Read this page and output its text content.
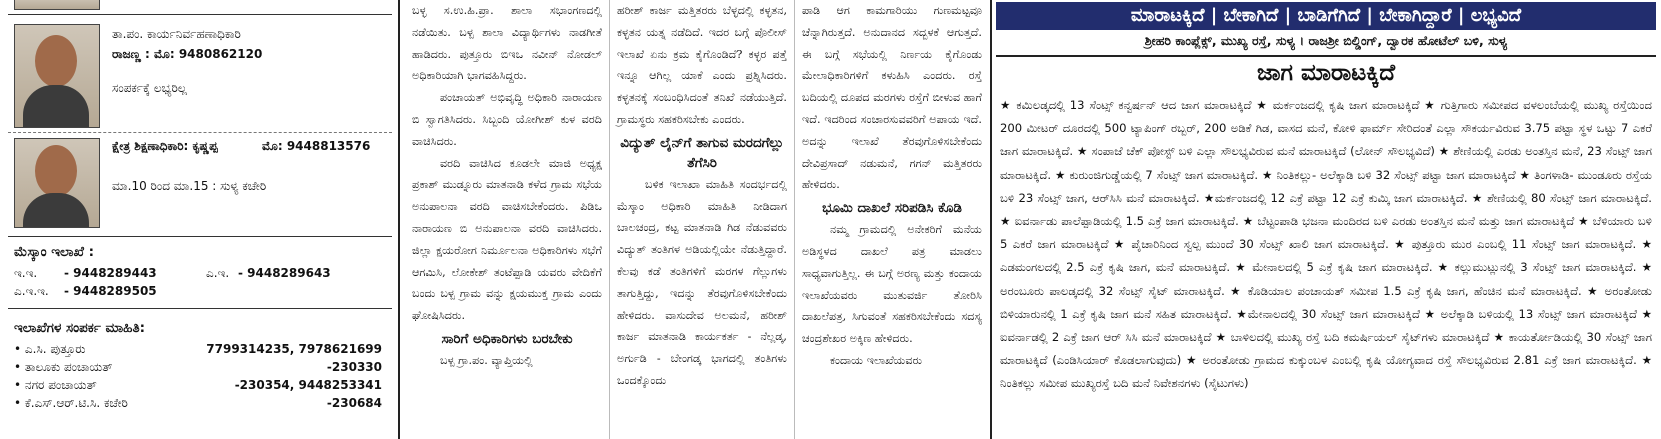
ತಾ.ಪಂ. ಕಾರ್ಯನಿರ್ವಹಣಾಧಿಕಾರಿ
ರಾಜಣ್ಣ : ಮೊ: 9480862120
ಸಂಪರ್ಕಕ್ಕೆ ಲಭ್ಯರಿಲ್ಲ
ಕ್ಷೇತ್ರ ಶಿಕ್ಷಣಾಧಿಕಾರಿ: ಕೃಷ್ಣಪ್ಪ	ಮೊ: 9448813576
ಮಾ.10 ರಿಂದ ಮಾ.15 : ಸುಳ್ಯ ಕಚೇರಿ
ಮೆಸ್ಕಾಂ ಇಲಾಖೆ :
ಇ.ಇ. - 9448289443	ಎ.ಇ. - 9448289643
ಎ.ಇ.ಇ. - 9448289505
ಇಲಾಖೆಗಳ ಸಂಪರ್ಕ ಮಾಹಿತಿ:
• ಎ.ಸಿ. ಪುತ್ತೂರು	7799314235, 7978621699
• ತಾಲೂಕು ಪಂಚಾಯತ್	-230330
• ನಗರ ಪಂಚಾಯತ್	-230354, 9448253341
• ಕೆ.ಎಸ್.ಆರ್.ಟಿ.ಸಿ. ಕಚೇರಿ	-230684

ಬಳ್ಳ ಸ.ಉ.ಹಿ.ಪ್ರಾ. ಶಾಲಾ ಸಭಾಂಗಣದಲ್ಲಿ ನಡೆಯಿತು. ಬಳ್ಪ ಶಾಲಾ ವಿದ್ಯಾರ್ಥಿಗಳು ನಾಡಗೀತೆ ಹಾಡಿದರು. ಪುತ್ತೂರು ಬಿಇಒ ನವೀನ್ ನೋಡಲ್ ಅಧಿಕಾರಿಯಾಗಿ ಭಾಗವಹಿಸಿದ್ದರು.

ಪಂಚಾಯತ್ ಅಭಿವೃದ್ಧಿ ಅಧಿಕಾರಿ ನಾರಾಯಣ ಬಿ ಸ್ವಾಗತಿಸಿದರು. ಸಿಬ್ಬಂದಿ ಯೋಗೀಶ್ ಕುಳ ವರದಿ ವಾಚಿಸಿದರು.

ವರದಿ ವಾಚಿಸಿದ ಕೂಡಲೇ ಮಾಜಿ ಅಧ್ಯಕ್ಷ ಪ್ರಕಾಶ್ ಮುಡ್ನೂರು ಮಾತನಾಡಿ ಕಳೆದ ಗ್ರಾಮ ಸಭೆಯ ಅನುಪಾಲನಾ ವರದಿ ವಾಚಿಸಬೇಕೆಂದರು. ಪಿಡಿಒ ನಾರಾಯಣ ಬಿ ಅನುಪಾಲನಾ ವರದಿ ವಾಚಿಸಿದರು. ಜಿಲ್ಲಾ ಕ್ಷಯರೋಗ ನಿರ್ಮೂಲನಾ ಅಧಿಕಾರಿಗಳು ಸಭೆಗೆ ಆಗಮಿಸಿ, ಲೋಕೇಶ್ ತಂಟೆಪ್ಪಾಡಿ ಯವರು ವೇದಿಕೆಗೆ ಬಂದು ಬಳ್ಪ ಗ್ರಾಮ ವನ್ನು ಕ್ಷಯಮುಕ್ತ ಗ್ರಾಮ ಎಂದು ಘೋಷಿಸಿದರು.

ಸಾರಿಗೆ ಅಧಿಕಾರಿಗಳು ಬರಬೇಕು

ಬಳ್ಪ ಗ್ರಾ.ಪಂ. ವ್ಯಾಪ್ತಿಯಲ್ಲಿ

ಹರೀಶ್ ಕಾರ್ಜ ಮತ್ತಿತರರು ಬೆಳ್ಳದಲ್ಲಿ ಕಳ್ಳತನ, ಕಳ್ಳತನ ಯತ್ನ ನಡೆದಿದೆ. ಇದರ ಬಗ್ಗೆ ಪೊಲೀಸ್ ಇಲಾಖೆ ಏನು ಕ್ರಮ ಕೈಗೊಂಡಿದೆ? ಕಳ್ಳರ ಪತ್ತೆ ಇನ್ನೂ ಆಗಿಲ್ಲ ಯಾಕೆ ಎಂದು ಪ್ರಶ್ನಿಸಿದರು. ಕಳ್ಳತನಕ್ಕೆ ಸಂಬಂಧಿಸಿದಂತೆ ತನಿಖೆ ನಡೆಯುತ್ತಿದೆ. ಗ್ರಾಮಸ್ಥರು ಸಹಕರಿಸಬೇಕು ಎಂದರು.

ವಿದ್ಯುತ್ ಲೈನ್‌ಗೆ ತಾಗುವ ಮರದಗೆಲ್ಲು ತೆಗೆಸಿರಿ

ಬಳಿಕ ಇಲಾಖಾ ಮಾಹಿತಿ ಸಂದರ್ಭದಲ್ಲಿ ಮೆಸ್ಕಾಂ ಅಧಿಕಾರಿ ಮಾಹಿತಿ ನೀಡಿದಾಗ ಬಾಲಚಂದ್ರ, ಕಟ್ಟ ಮಾತನಾಡಿ ಗಿಡ ನೆಡುವವರು ವಿದ್ಯುತ್ ತಂತಿಗಳ ಅಡಿಯಲ್ಲಿಯೇ ನೆಡುತ್ತಿದ್ದಾರೆ. ಕೆಲವು ಕಡೆ ತಂತಿಗಳಿಗೆ ಮರಗಳ ಗೆಲ್ಲುಗಳು ತಾಗುತ್ತಿದ್ದು, ಇದನ್ನು ತೆರವುಗೊಳಿಸಬೇಕೆಂದು ಹೇಳಿದರು. ವಾಸುದೇವ ಅಲಮನೆ, ಹರೀಶ್ ಕಾರ್ಜ ಮಾತನಾಡಿ ಕಾರ್ಯಕರ್ತ - ನೆಲ್ಲಡ್ಕ, ಅರ್ಗುಡಿ - ಬೇಂಗಡ್ಕ ಭಾಗದಲ್ಲಿ ತಂತಿಗಳು ಒಂದಕ್ಕೊಂದು

ಪಾಡಿ ಆಗ ಕಾಮಗಾರಿಯು ಗುಣಮಟ್ಟವೂ ಚೆನ್ನಾಗಿರುತ್ತದೆ. ಅನುದಾನದ ಸದ್ಬಳಕೆ ಆಗುತ್ತದೆ. ಈ ಬಗ್ಗೆ ಸಭೆಯಲ್ಲಿ ನಿರ್ಣಯ ಕೈಗೊಂಡು ಮೇಲಾಧಿಕಾರಿಗಳಿಗೆ ಕಳುಹಿಸಿ ಎಂದರು. ರಸ್ತೆ ಬದಿಯಲ್ಲಿ ದೂಪದ ಮರಗಳು ರಸ್ತೆಗೆ ಬೀಳುವ ಹಾಗೆ ಇದೆ. ಇದರಿಂದ ಸಂಚಾರಸುವವರಿಗೆ ಅಪಾಯ ಇದೆ. ಅದನ್ನು ಇಲಾಖೆ ತೆರವುಗೊಳಿಸಬೇಕೆಂದು ದೇವಿಪ್ರಸಾದ್ ನಡುಮನೆ, ಗಗನ್ ಮತ್ತಿತರರು ಹೇಳಿದರು.

ಭೂಮಿ ದಾಖಲೆ ಸರಿಪಡಿಸಿ ಕೊಡಿ

ನಮ್ಮ ಗ್ರಾಮದಲ್ಲಿ ಅನೇಕರಿಗೆ ಮನೆಯ ಅಡಿಸ್ಥಳದ ದಾಖಲೆ ಪತ್ರ ಮಾಡಲು ಸಾಧ್ಯವಾಗುತ್ತಿಲ್ಲ. ಈ ಬಗ್ಗೆ ಅರಣ್ಯ ಮತ್ತು ಕಂದಾಯ ಇಲಾಖೆಯವರು ಮುತುವರ್ಜಿ ತೋರಿಸಿ ದಾಖಲೆಪತ್ರ, ಸಿಗುವಂತೆ ಸಹಕರಿಸಬೇಕೆಂದು ಸದಸ್ಯ ಚಂದ್ರಶೇಖರ ಅಕ್ಕಿಣ ಹೇಳಿದರು.

ಕಂದಾಯ ಇಲಾಖೆಯವರು

ಮಾರಾಟಕ್ಕಿದೆ | ಬೇಕಾಗಿದೆ | ಬಾಡಿಗೆಗಿದೆ | ಬೇಕಾಗಿದ್ದಾರೆ | ಲಭ್ಯವಿದೆ
ಶ್ರೀಹರಿ ಕಾಂಪ್ಲೆಕ್ಸ್, ಮುಖ್ಯ ರಸ್ತೆ, ಸುಳ್ಯ । ರಾಜಶ್ರೀ ಬಿಲ್ಡಿಂಗ್, ದ್ವಾರಕ ಹೋಟೆಲ್ ಬಳಿ, ಸುಳ್ಯ
ಜಾಗ ಮಾರಾಟಕ್ಕಿದೆ
★ ಕಮಿಲಡ್ಕದಲ್ಲಿ 13 ಸೆಂಟ್ಸ್ ಕನ್ವರ್ಷನ್ ಆದ ಜಾಗ ಮಾರಾಟಕ್ಕಿದೆ ★ ಮರ್ಕಂಜದಲ್ಲಿ ಕೃಷಿ ಜಾಗ ಮಾರಾಟಕ್ಕಿದೆ ★ ಗುತ್ತಿಗಾರು ಸಮೀಪದ ವಳಲಂಬೆಯಲ್ಲಿ ಮುಖ್ಯ ರಸ್ತೆಯಿಂದ 200 ಮೀಟರ್ ದೂರದಲ್ಲಿ 500 ಟ್ಯಾಪಿಂಗ್ ರಬ್ಬರ್, 200 ಅಡಿಕೆ ಗಿಡ, ವಾಸದ ಮನೆ, ಕೋಳಿ ಫಾರ್ಮ್ ಸೇರಿದಂತೆ ಎಲ್ಲಾ ಸೌಕರ್ಯವಿರುವ 3.75 ಪಟ್ಟಾ ಸ್ಥಳ ಒಟ್ಟು 7 ಎಕರೆ ಜಾಗ ಮಾರಾಟಕ್ಕಿದೆ. ★ ಸಂಪಾಜೆ ಚೆಕ್ ಪೋಸ್ಟ್ ಬಳಿ ಎಲ್ಲಾ ಸೌಲಭ್ಯವಿರುವ ಮನೆ ಮಾರಾಟಕ್ಕಿದೆ (ಲೋನ್ ಸೌಲಭ್ಯವಿದೆ) ★ ಶೇಣಿಯಲ್ಲಿ ಎರಡು ಅಂತಸ್ತಿನ ಮನೆ, 23 ಸೆಂಟ್ಸ್ ಜಾಗ ಮಾರಾಟಕ್ಕಿದೆ. ★ ಕುರುಂಜಿಗುಡ್ಡೆಯಲ್ಲಿ 7 ಸೆಂಟ್ಸ್ ಜಾಗ ಮಾರಾಟಕ್ಕಿದೆ. ★ ನಿಂತಿಕಲ್ಲು- ಅಲೆಕ್ಕಾಡಿ ಬಳಿ 32 ಸೆಂಟ್ಸ್ ಪಟ್ಟಾ ಜಾಗ ಮಾರಾಟಕ್ಕಿದೆ ★ ತಿಂಗಳಾಡಿ- ಮುಂಡೂರು ರಸ್ತೆಯ ಬಳಿ 23 ಸೆಂಟ್ಸ್ ಜಾಗ, ಆರ್‌ಸಿಸಿ ಮನೆ ಮಾರಾಟಕ್ಕಿದೆ. ★ಮರ್ಕಂಜದಲ್ಲಿ 12 ಎಕ್ರೆ ಪಟ್ಟಾ 12 ಎಕ್ರೆ ಕುಮ್ಕಿ ಜಾಗ ಮಾರಾಟಕ್ಕಿದೆ. ★ ಶೇಣಿಯಲ್ಲಿ 80 ಸೆಂಟ್ಸ್ ಜಾಗ ಮಾರಾಟಕ್ಕಿದೆ. ★ ಐವರ್ನಾಡು ಪಾಲೆಪ್ಪಾಡಿಯಲ್ಲಿ 1.5 ಎಕ್ರೆ ಜಾಗ ಮಾರಾಟಕ್ಕಿದೆ. ★ ಬೆಟ್ಟಂಪಾಡಿ ಭಜನಾ ಮಂದಿರದ ಬಳಿ ಎರಡು ಅಂತಸ್ತಿನ ಮನೆ ಮತ್ತು ಜಾಗ ಮಾರಾಟಕ್ಕಿದೆ ★ ಬೆಳಿಯಾರು ಬಳಿ 5 ಎಕರೆ ಜಾಗ ಮಾರಾಟಕ್ಕಿದೆ ★ ಪೈಚಾರಿನಿಂದ ಸ್ವಲ್ಪ ಮುಂದೆ 30 ಸೆಂಟ್ಸ್ ಖಾಲಿ ಜಾಗ ಮಾರಾಟಕ್ಕಿದೆ. ★ ಪುತ್ತೂರು ಮುರ ಎಂಬಲ್ಲಿ 11 ಸೆಂಟ್ಸ್ ಜಾಗ ಮಾರಾಟಕ್ಕಿದೆ. ★ ಎಡಮಂಗಲದಲ್ಲಿ 2.5 ಎಕ್ರೆ ಕೃಷಿ ಜಾಗ, ಮನೆ ಮಾರಾಟಕ್ಕಿದೆ. ★ ಮೇನಾಲದಲ್ಲಿ 5 ಎಕ್ರೆ ಕೃಷಿ ಜಾಗ ಮಾರಾಟಕ್ಕಿದೆ. ★ ಕಲ್ಲುಮುಟ್ಲುನಲ್ಲಿ 3 ಸೆಂಟ್ಸ್ ಜಾಗ ಮಾರಾಟಕ್ಕಿದೆ. ★ ಅರಂಬೂರು ಪಾಲಡ್ಕದಲ್ಲಿ 32 ಸೆಂಟ್ಸ್ ಸೈಟ್ ಮಾರಾಟಕ್ಕಿದೆ. ★ ಕೊಡಿಯಾಲ ಪಂಚಾಯತ್ ಸಮೀಪ 1.5 ಎಕ್ರೆ ಕೃಷಿ ಜಾಗ, ಹೆಂಚಿನ ಮನೆ ಮಾರಾಟಕ್ಕಿದೆ. ★ ಅರಂತೋಡು ಬಿಳಿಯಾರುನಲ್ಲಿ 1 ಎಕ್ರೆ ಕೃಷಿ ಜಾಗ ಮನೆ ಸಹಿತ ಮಾರಾಟಕ್ಕಿದೆ. ★ಮೇನಾಲದಲ್ಲಿ 30 ಸೆಂಟ್ಸ್ ಜಾಗ ಮಾರಾಟಕ್ಕಿದೆ ★ ಅಲೆಕ್ಕಾಡಿ ಬಳಿಯಲ್ಲಿ 13 ಸೆಂಟ್ಸ್ ಜಾಗ ಮಾರಾಟಕ್ಕಿದೆ ★ ಐವರ್ನಾಡಲ್ಲಿ 2 ಎಕ್ರೆ ಜಾಗ ಆರ್ ಸಿಸಿ ಮನೆ ಮಾರಾಟಕ್ಕಿದೆ ★ ಬಾಳಿಲದಲ್ಲಿ ಮುಖ್ಯ ರಸ್ತೆ ಬದಿ ಕಮರ್ಷಿಯಲ್ ಸೈಟ್‌ಗಳು ಮಾರಾಟಕ್ಕಿದೆ ★ ಕಾಯರ್ತೋಡಿಯಲ್ಲಿ 30 ಸೆಂಟ್ಸ್ ಜಾಗ ಮಾರಾಟಕ್ಕಿದೆ (ಎಂಡಿಸಿಯಾರ್ ಕೊಡಲಾಗುವುದು) ★ ಅರಂತೋಡು ಗ್ರಾಮದ ಕುಕ್ಕುಂಬಳ ಎಂಬಲ್ಲಿ ಕೃಷಿ ಯೋಗ್ಯವಾದ ರಸ್ತೆ ಸೌಲಭ್ಯವಿರುವ 2.81 ಎಕ್ರೆ ಜಾಗ ಮಾರಾಟಕ್ಕಿದೆ. ★ ನಿಂತಿಕಲ್ಲು ಸಮೀಪ ಮುಖ್ಯರಸ್ತೆ ಬದಿ ಮನೆ ನಿವೇಶನಗಳು (ಸೈಟುಗಳು)
